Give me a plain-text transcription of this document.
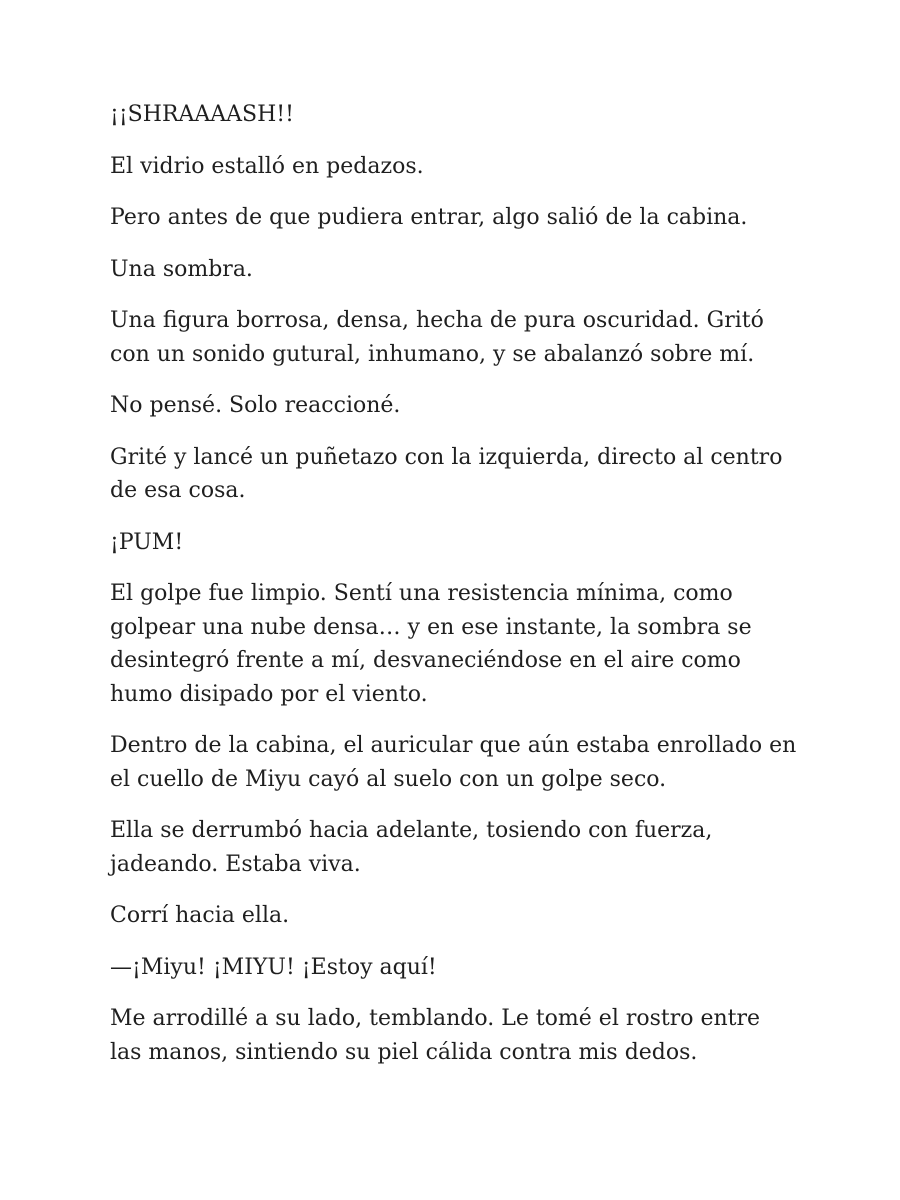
¡¡SHRAAAASH!!

El vidrio estalló en pedazos.

Pero antes de que pudiera entrar, algo salió de la cabina.

Una sombra.

Una figura borrosa, densa, hecha de pura oscuridad. Gritó
con un sonido gutural, inhumano, y se abalanzó sobre mí.

No pensé. Solo reaccioné.

Grité y lancé un puñetazo con la izquierda, directo al centro
de esa cosa.

¡PUM!

El golpe fue limpio. Sentí una resistencia mínima, como
golpear una nube densa… y en ese instante, la sombra se
desintegró frente a mí, desvaneciéndose en el aire como
humo disipado por el viento.

Dentro de la cabina, el auricular que aún estaba enrollado en
el cuello de Miyu cayó al suelo con un golpe seco.

Ella se derrumbó hacia adelante, tosiendo con fuerza,
jadeando. Estaba viva.

Corrí hacia ella.

—¡Miyu! ¡MIYU! ¡Estoy aquí!

Me arrodillé a su lado, temblando. Le tomé el rostro entre
las manos, sintiendo su piel cálida contra mis dedos.
